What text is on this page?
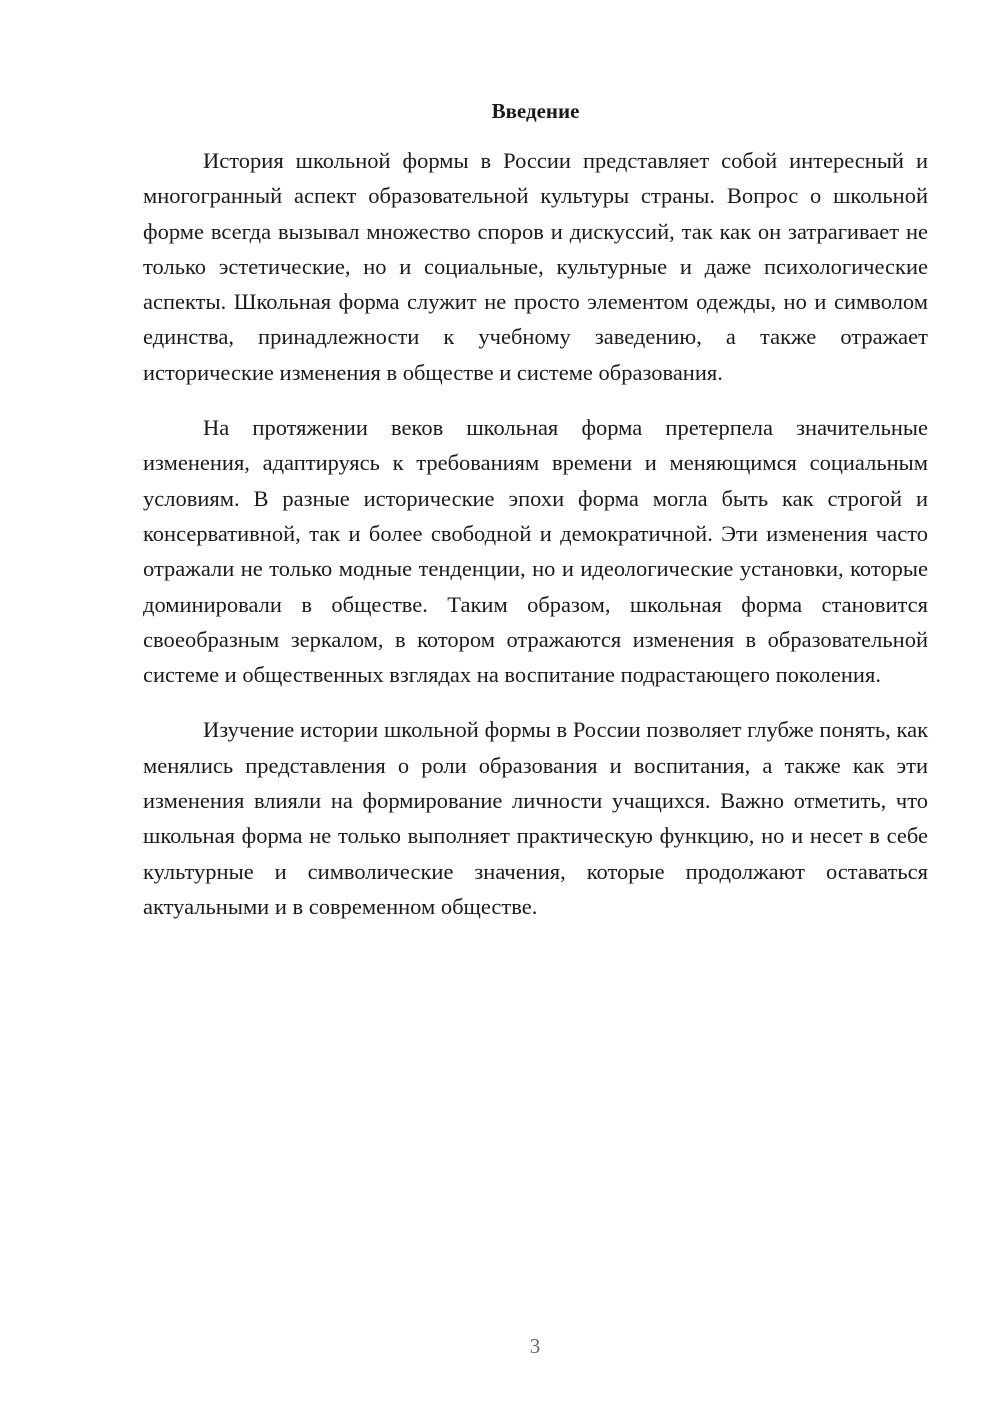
Введение

История школьной формы в России представляет собой интересный и многогранный аспект образовательной культуры страны. Вопрос о школьной форме всегда вызывал множество споров и дискуссий, так как он затрагивает не только эстетические, но и социальные, культурные и даже психологические аспекты. Школьная форма служит не просто элементом одежды, но и символом единства, принадлежности к учебному заведению, а также отражает исторические изменения в обществе и системе образования.

На протяжении веков школьная форма претерпела значительные изменения, адаптируясь к требованиям времени и меняющимся социальным условиям. В разные исторические эпохи форма могла быть как строгой и консервативной, так и более свободной и демократичной. Эти изменения часто отражали не только модные тенденции, но и идеологические установки, которые доминировали в обществе. Таким образом, школьная форма становится своеобразным зеркалом, в котором отражаются изменения в образовательной системе и общественных взглядах на воспитание подрастающего поколения.

Изучение истории школьной формы в России позволяет глубже понять, как менялись представления о роли образования и воспитания, а также как эти изменения влияли на формирование личности учащихся. Важно отметить, что школьная форма не только выполняет практическую функцию, но и несет в себе культурные и символические значения, которые продолжают оставаться актуальными и в современном обществе.

3
